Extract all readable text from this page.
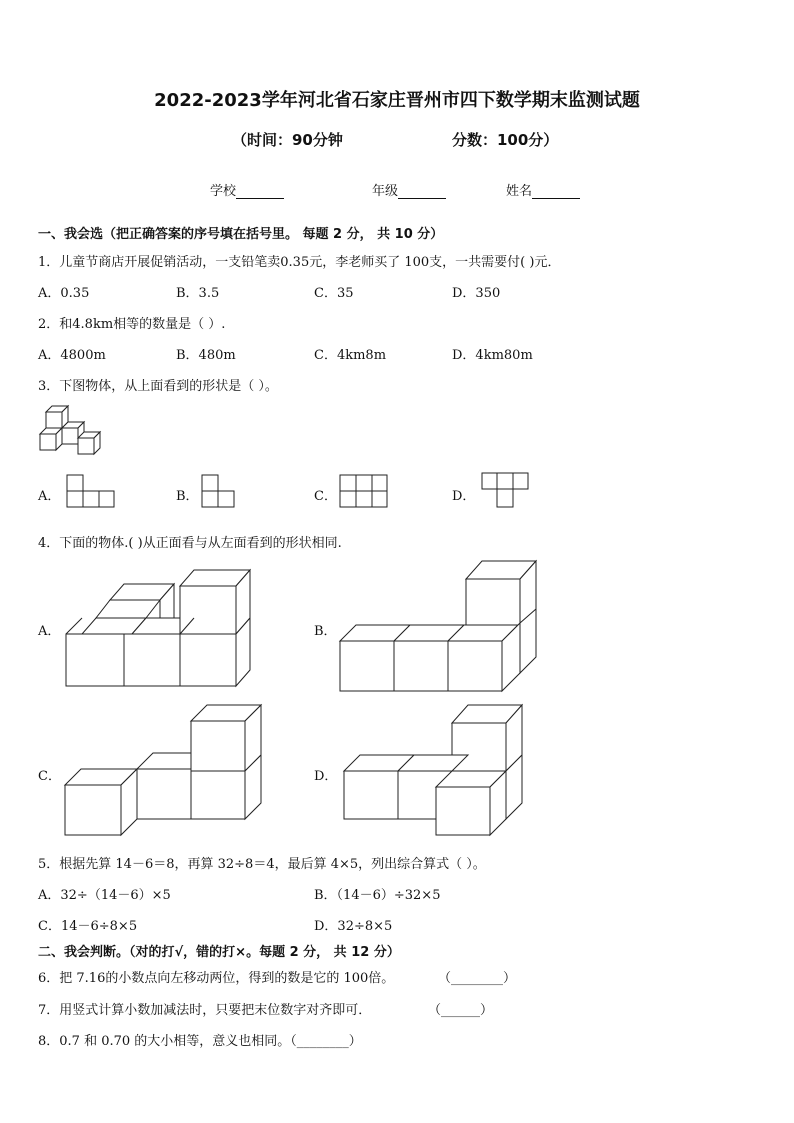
2022-2023学年河北省石家庄晋州市四下数学期末监测试题
（时间：90分钟	分数：100分）
学校	年级	姓名
一、我会选（把正确答案的序号填在括号里。 每题 2 分， 共 10 分）
1．儿童节商店开展促销活动，一支铅笔卖0.35元，李老师买了 100支，一共需要付( )元．
A．0.35	B．3.5	C．35	D．350
2．和4.8km相等的数量是（ ）.
A．4800m	B．480m	C．4km8m	D．4km80m
3．下图物体，从上面看到的形状是（ ）。
A．	B．	C．	D．
4．下面的物体.( )从正面看与从左面看到的形状相同.
A．	B．
C．	D．
5．根据先算 14－6＝8，再算 32÷8＝4，最后算 4×5，列出综合算式（ ）。
A．32÷（14－6）×5	B．（14－6）÷32×5
C．14－6÷8×5	D．32÷8×5
二、我会判断。（对的打√，错的打×。每题 2 分， 共 12 分）
6．把 7.16的小数点向左移动两位，得到的数是它的 100倍。	（________）
7．用竖式计算小数加减法时，只要把末位数字对齐即可．	（______）
8．0.7 和 0.70 的大小相等，意义也相同。（________）
